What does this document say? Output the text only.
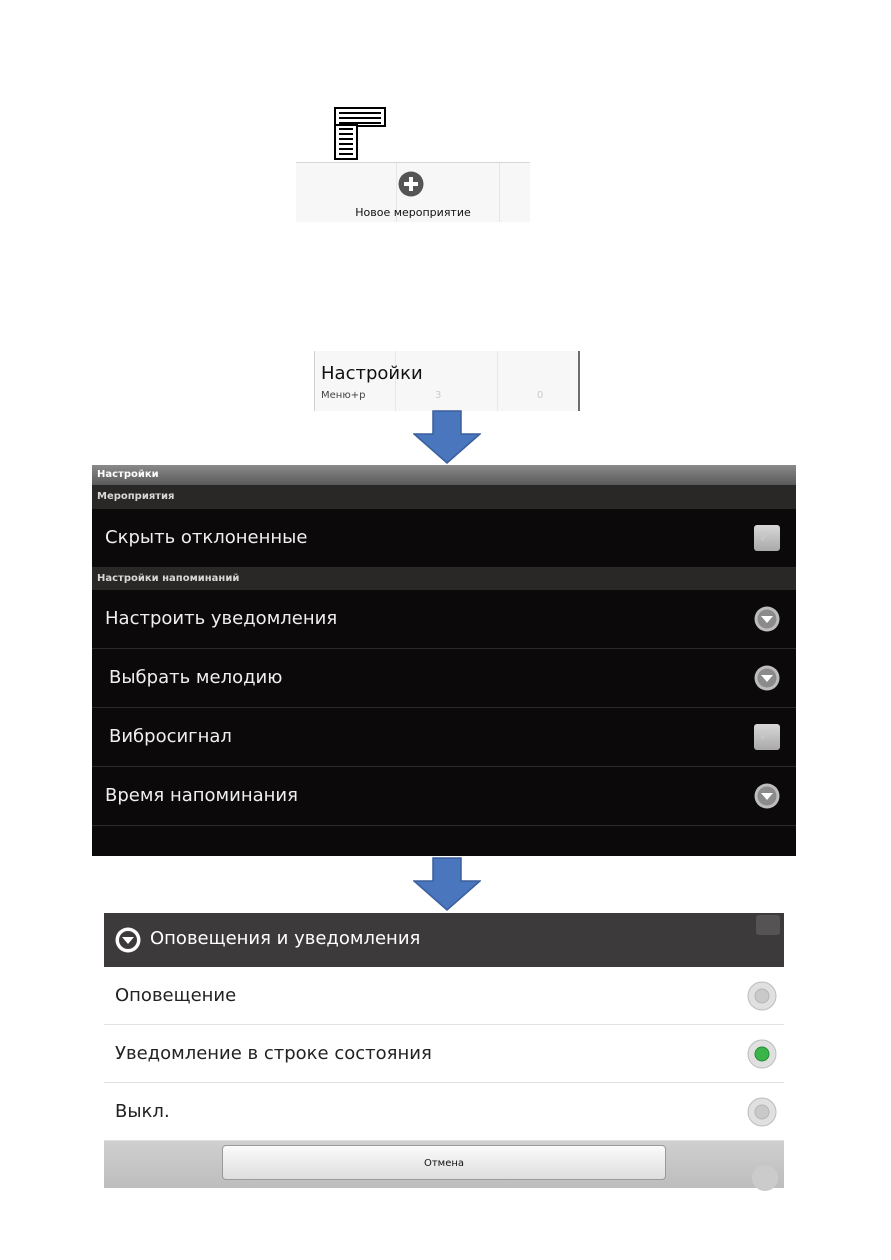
Новое мероприятие
Настройки
Меню+p	3	0
Настройки
Мероприятия
Скрыть отклоненные	✓
Настройки напоминаний
Настроить уведомления
Выбрать мелодию
Вибросигнал	✓
Время напоминания
Оповещения и уведомления
Оповещение
Уведомление в строке состояния
Выкл.
Отмена
